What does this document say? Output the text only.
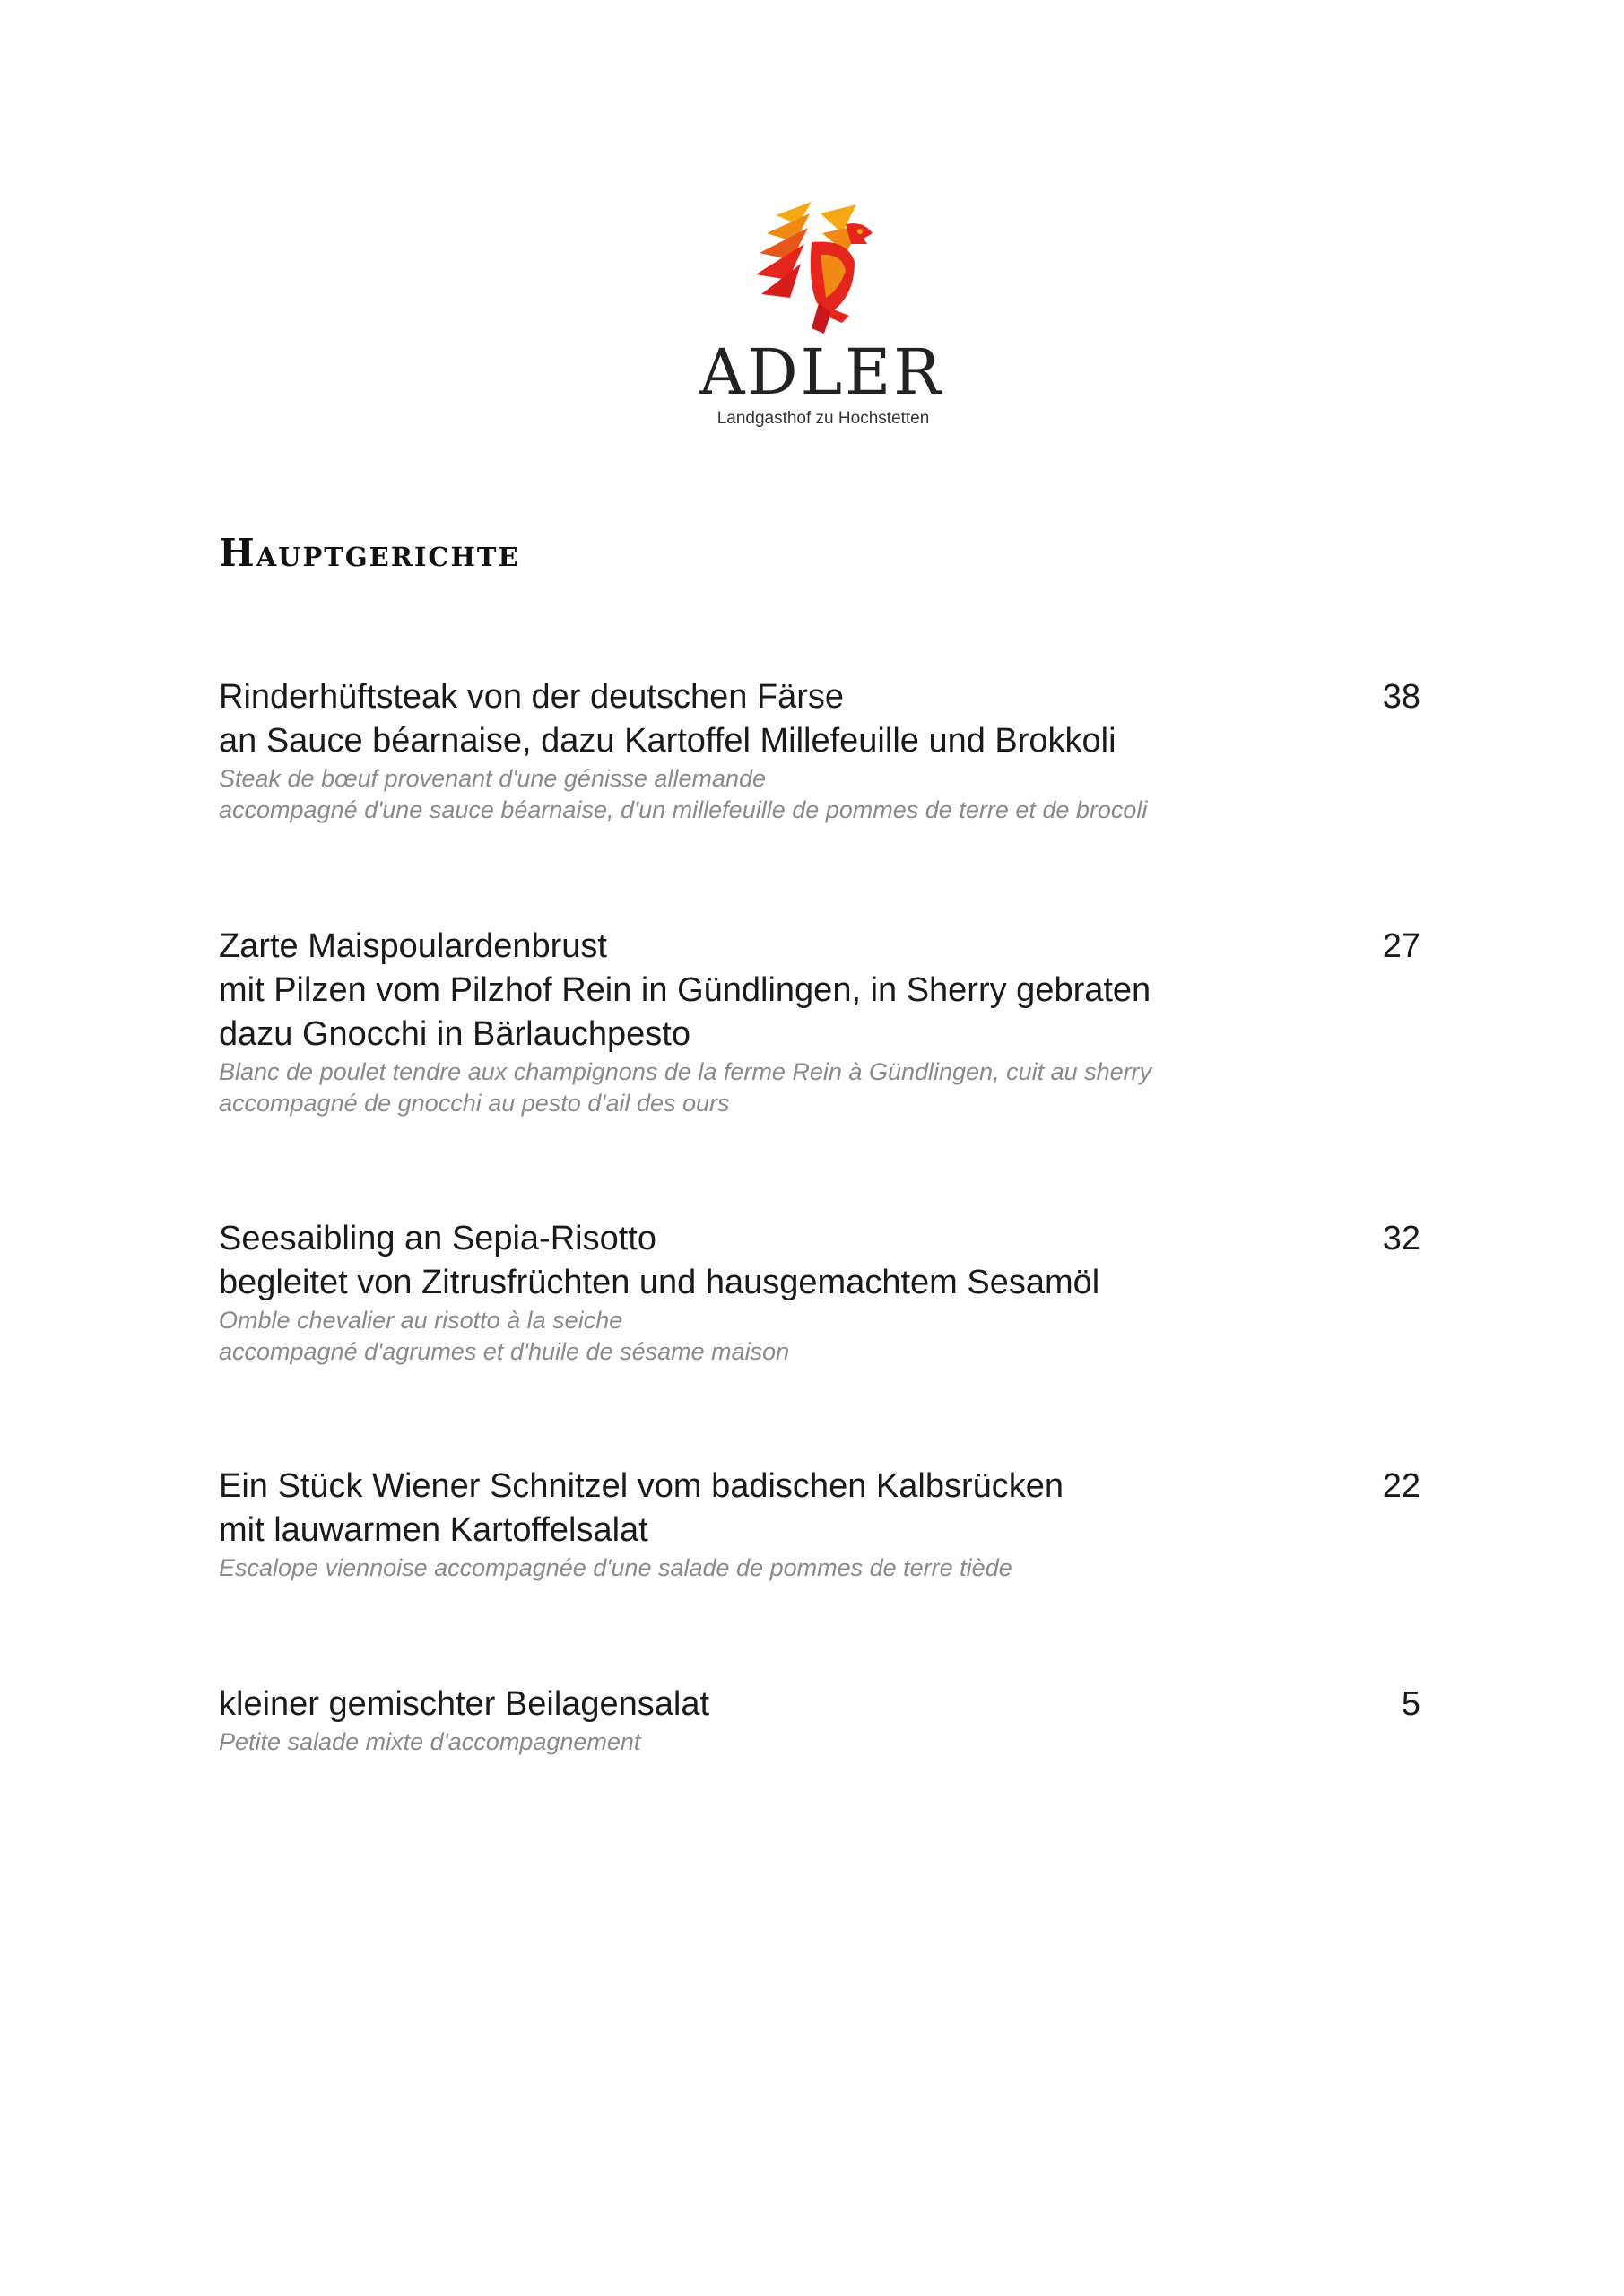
ADLER
Landgasthof zu Hochstetten
Hauptgerichte
Rinderhüftsteak von der deutschen Färse
an Sauce béarnaise, dazu Kartoffel Millefeuille und Brokkoli
Steak de bœuf provenant d'une génisse allemande
accompagné d'une sauce béarnaise, d'un millefeuille de pommes de terre et de brocoli
38
Zarte Maispoulardenbrust
mit Pilzen vom Pilzhof Rein in Gündlingen, in Sherry gebraten
dazu Gnocchi in Bärlauchpesto
Blanc de poulet tendre aux champignons de la ferme Rein à Gündlingen, cuit au sherry
accompagné de gnocchi au pesto d'ail des ours
27
Seesaibling an Sepia-Risotto
begleitet von Zitrusfrüchten und hausgemachtem Sesamöl
Omble chevalier au risotto à la seiche
accompagné d'agrumes et d'huile de sésame maison
32
Ein Stück Wiener Schnitzel vom badischen Kalbsrücken
mit lauwarmen Kartoffelsalat
Escalope viennoise accompagnée d'une salade de pommes de terre tiède
22
kleiner gemischter Beilagensalat
Petite salade mixte d'accompagnement
5
